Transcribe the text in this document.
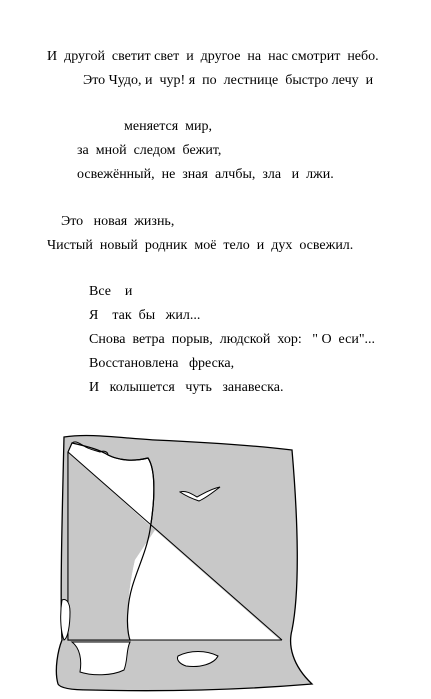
И  другой  светит свет  и  другое  на  нас смотрит  небо.
Это Чудо, и  чур! я  по  лестнице  быстро лечу  и
меняется  мир,
за  мной  следом  бежит,
освежённый,  не  зная  алчбы,  зла   и  лжи.
Это   новая  жизнь,
Чистый  новый  родник  моё  тело  и  дух  освежил.
Все    и
Я    так  бы   жил...
Снова  ветра  порыв,  людской  хор:   " О  еси"...
Восстановлена   фреска,
И   колышется   чуть   занавеска.
